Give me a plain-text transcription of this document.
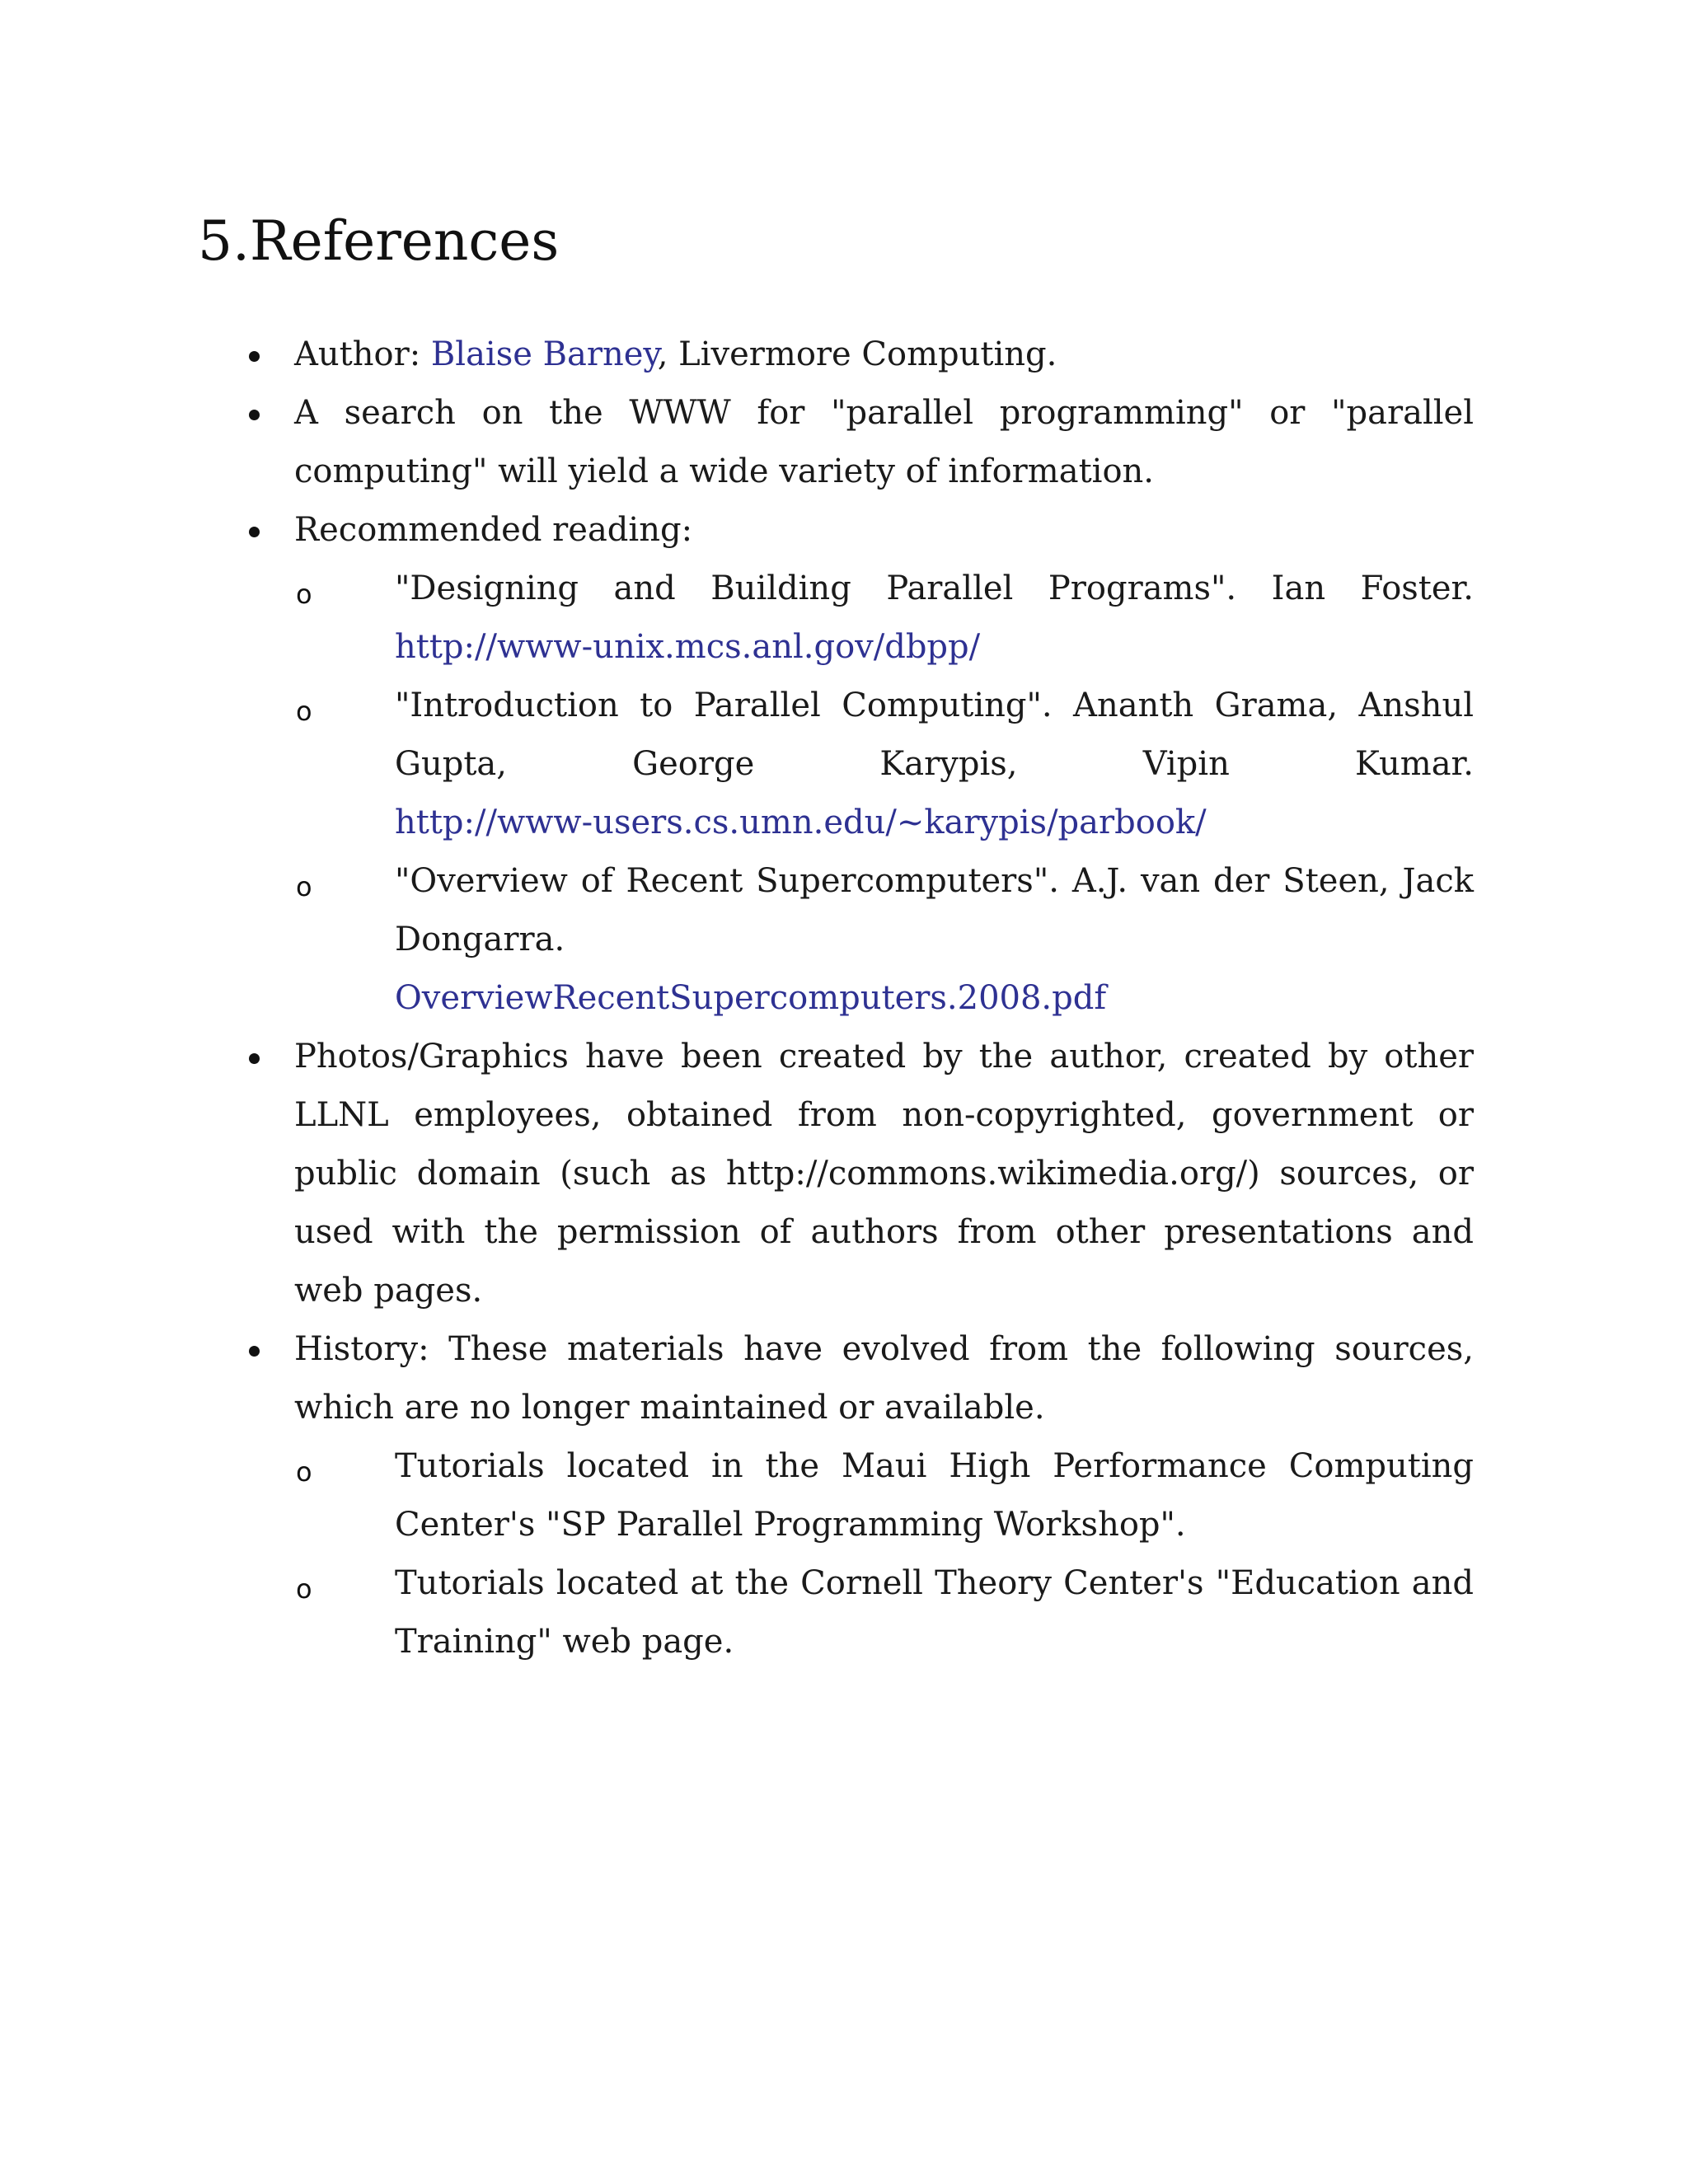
5.References
Author: Blaise Barney, Livermore Computing.
A search on the WWW for "parallel programming" or "parallel computing" will yield a wide variety of information.
Recommended reading:
o "Designing and Building Parallel Programs". Ian Foster.
http://www-unix.mcs.anl.gov/dbpp/
o "Introduction to Parallel Computing". Ananth Grama, Anshul Gupta, George Karypis, Vipin Kumar.
http://www-users.cs.umn.edu/~karypis/parbook/
o "Overview of Recent Supercomputers". A.J. van der Steen, Jack Dongarra.
OverviewRecentSupercomputers.2008.pdf
Photos/Graphics have been created by the author, created by other LLNL employees, obtained from non-copyrighted, government or public domain (such as http://commons.wikimedia.org/) sources, or used with the permission of authors from other presentations and web pages.
History: These materials have evolved from the following sources, which are no longer maintained or available.
o Tutorials located in the Maui High Performance Computing Center's "SP Parallel Programming Workshop".
o Tutorials located at the Cornell Theory Center's "Education and Training" web page.
